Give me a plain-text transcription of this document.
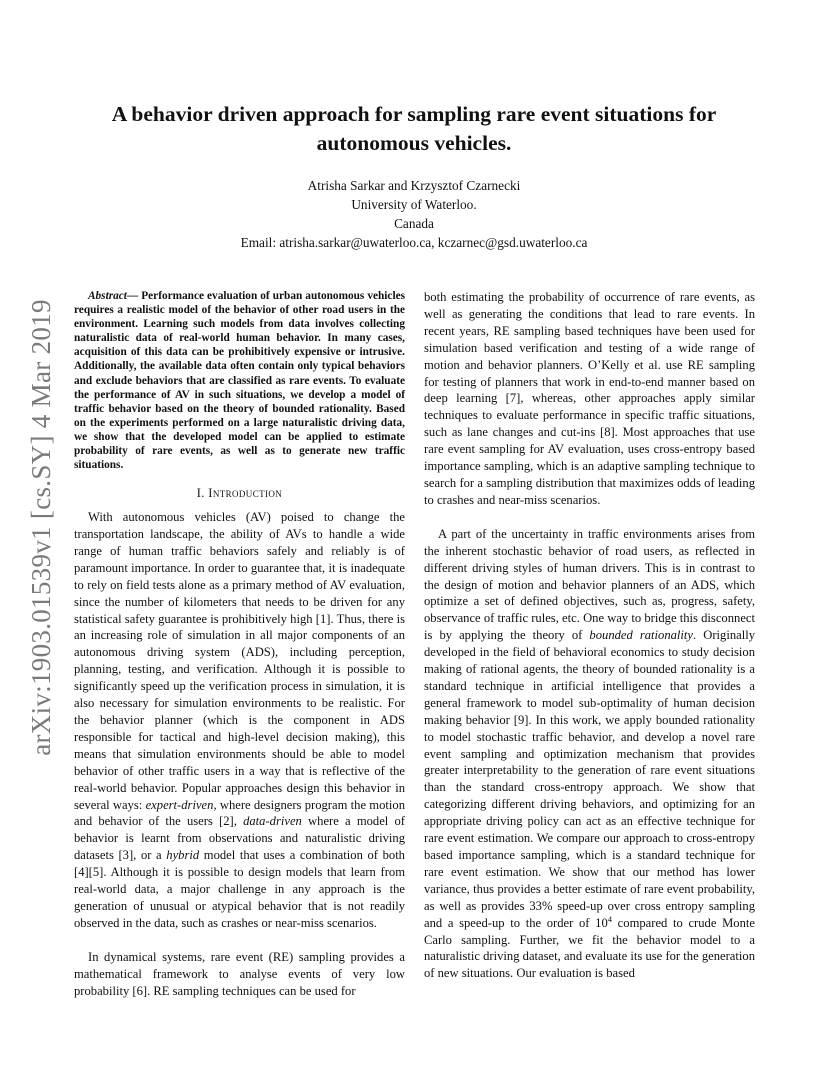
arXiv:1903.01539v1 [cs.SY] 4 Mar 2019
A behavior driven approach for sampling rare event situations for autonomous vehicles.
Atrisha Sarkar and Krzysztof Czarnecki
University of Waterloo.
Canada
Email: atrisha.sarkar@uwaterloo.ca, kczarnec@gsd.uwaterloo.ca

Abstract— Performance evaluation of urban autonomous vehicles requires a realistic model of the behavior of other road users in the environment. Learning such models from data involves collecting naturalistic data of real-world human behavior. In many cases, acquisition of this data can be prohibitively expensive or intrusive. Additionally, the available data often contain only typical behaviors and exclude behaviors that are classified as rare events. To evaluate the performance of AV in such situations, we develop a model of traffic behavior based on the theory of bounded rationality. Based on the experiments performed on a large naturalistic driving data, we show that the developed model can be applied to estimate probability of rare events, as well as to generate new traffic situations.

I. Introduction

With autonomous vehicles (AV) poised to change the transportation landscape, the ability of AVs to handle a wide range of human traffic behaviors safely and reliably is of paramount importance. In order to guarantee that, it is inadequate to rely on field tests alone as a primary method of AV evaluation, since the number of kilometers that needs to be driven for any statistical safety guarantee is prohibitively high [1]. Thus, there is an increasing role of simulation in all major components of an autonomous driving system (ADS), including perception, planning, testing, and verification. Although it is possible to significantly speed up the verification process in simulation, it is also necessary for simulation environments to be realistic. For the behavior planner (which is the component in ADS responsible for tactical and high-level decision making), this means that simulation environments should be able to model behavior of other traffic users in a way that is reflective of the real-world behavior. Popular approaches design this behavior in several ways: expert-driven, where designers program the motion and behavior of the users [2], data-driven where a model of behavior is learnt from observations and naturalistic driving datasets [3], or a hybrid model that uses a combination of both [4][5]. Although it is possible to design models that learn from real-world data, a major challenge in any approach is the generation of unusual or atypical behavior that is not readily observed in the data, such as crashes or near-miss scenarios.

In dynamical systems, rare event (RE) sampling provides a mathematical framework to analyse events of very low probability [6]. RE sampling techniques can be used for

both estimating the probability of occurrence of rare events, as well as generating the conditions that lead to rare events. In recent years, RE sampling based techniques have been used for simulation based verification and testing of a wide range of motion and behavior planners. O’Kelly et al. use RE sampling for testing of planners that work in end-to-end manner based on deep learning [7], whereas, other approaches apply similar techniques to evaluate performance in specific traffic situations, such as lane changes and cut-ins [8]. Most approaches that use rare event sampling for AV evaluation, uses cross-entropy based importance sampling, which is an adaptive sampling technique to search for a sampling distribution that maximizes odds of leading to crashes and near-miss scenarios.

A part of the uncertainty in traffic environments arises from the inherent stochastic behavior of road users, as reflected in different driving styles of human drivers. This is in contrast to the design of motion and behavior planners of an ADS, which optimize a set of defined objectives, such as, progress, safety, observance of traffic rules, etc. One way to bridge this disconnect is by applying the theory of bounded rationality. Originally developed in the field of behavioral economics to study decision making of rational agents, the theory of bounded rationality is a standard technique in artificial intelligence that provides a general framework to model sub-optimality of human decision making behavior [9]. In this work, we apply bounded rationality to model stochastic traffic behavior, and develop a novel rare event sampling and optimization mechanism that provides greater interpretability to the generation of rare event situations than the standard cross-entropy approach. We show that categorizing different driving behaviors, and optimizing for an appropriate driving policy can act as an effective technique for rare event estimation. We compare our approach to cross-entropy based importance sampling, which is a standard technique for rare event estimation. We show that our method has lower variance, thus provides a better estimate of rare event probability, as well as provides 33% speed-up over cross entropy sampling and a speed-up to the order of $10^4$ compared to crude Monte Carlo sampling. Further, we fit the behavior model to a naturalistic driving dataset, and evaluate its use for the generation of new situations. Our evaluation is based
